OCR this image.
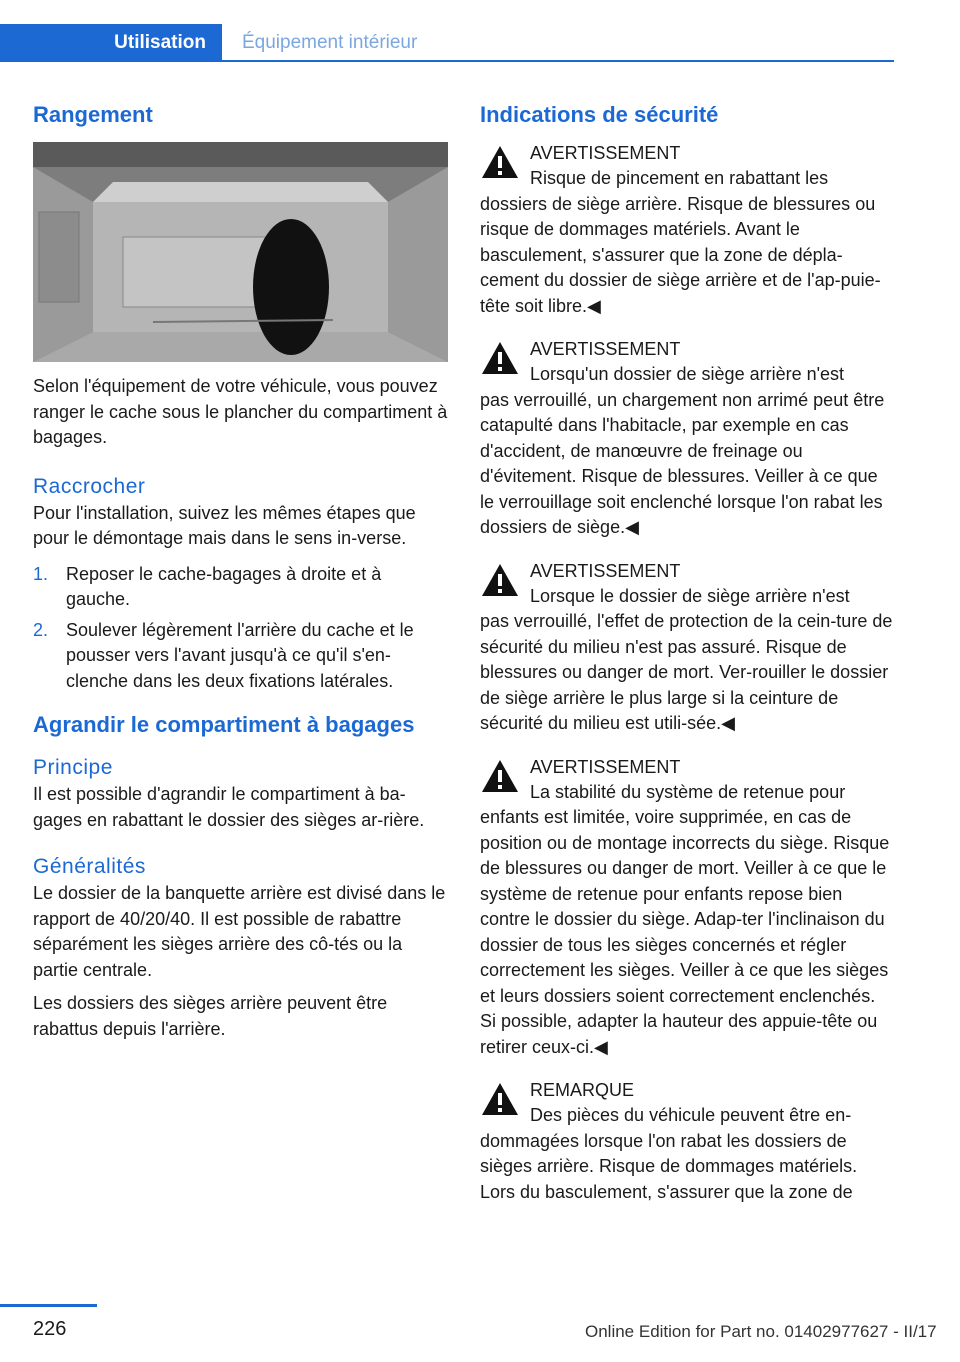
Utilisation	Équipement intérieur
Rangement

Selon l'équipement de votre véhicule, vous pouvez ranger le cache sous le plancher du compartiment à bagages.

Raccrocher

Pour l'installation, suivez les mêmes étapes que pour le démontage mais dans le sens in-verse.

1. Reposer le cache-bagages à droite et à gauche.
2. Soulever légèrement l'arrière du cache et le pousser vers l'avant jusqu'à ce qu'il s'en-clenche dans les deux fixations latérales.
Agrandir le compartiment à bagages
Principe

Il est possible d'agrandir le compartiment à ba-gages en rabattant le dossier des sièges ar-rière.

Généralités

Le dossier de la banquette arrière est divisé dans le rapport de 40/20/40. Il est possible de rabattre séparément les sièges arrière des cô-tés ou la partie centrale.

Les dossiers des sièges arrière peuvent être rabattus depuis l'arrière.

Indications de sécurité
AVERTISSEMENT
Risque de pincement en rabattant les
dossiers de siège arrière. Risque de blessures ou risque de dommages matériels. Avant le basculement, s'assurer que la zone de dépla-cement du dossier de siège arrière et de l'ap-puie-tête soit libre.◀
AVERTISSEMENT
Lorsqu'un dossier de siège arrière n'est
pas verrouillé, un chargement non arrimé peut être catapulté dans l'habitacle, par exemple en cas d'accident, de manœuvre de freinage ou d'évitement. Risque de blessures. Veiller à ce que le verrouillage soit enclenché lorsque l'on rabat les dossiers de siège.◀
AVERTISSEMENT
Lorsque le dossier de siège arrière n'est
pas verrouillé, l'effet de protection de la cein-ture de sécurité du milieu n'est pas assuré. Risque de blessures ou danger de mort. Ver-rouiller le dossier de siège arrière le plus large si la ceinture de sécurité du milieu est utili-sée.◀
AVERTISSEMENT
La stabilité du système de retenue pour
enfants est limitée, voire supprimée, en cas de position ou de montage incorrects du siège. Risque de blessures ou danger de mort. Veiller à ce que le système de retenue pour enfants repose bien contre le dossier du siège. Adap-ter l'inclinaison du dossier de tous les sièges concernés et régler correctement les sièges. Veiller à ce que les sièges et leurs dossiers soient correctement enclenchés. Si possible, adapter la hauteur des appuie-tête ou retirer ceux-ci.◀
REMARQUE
Des pièces du véhicule peuvent être en-
dommagées lorsque l'on rabat les dossiers de sièges arrière. Risque de dommages matériels. Lors du basculement, s'assurer que la zone de
226	Online Edition for Part no. 01402977627 - II/17
